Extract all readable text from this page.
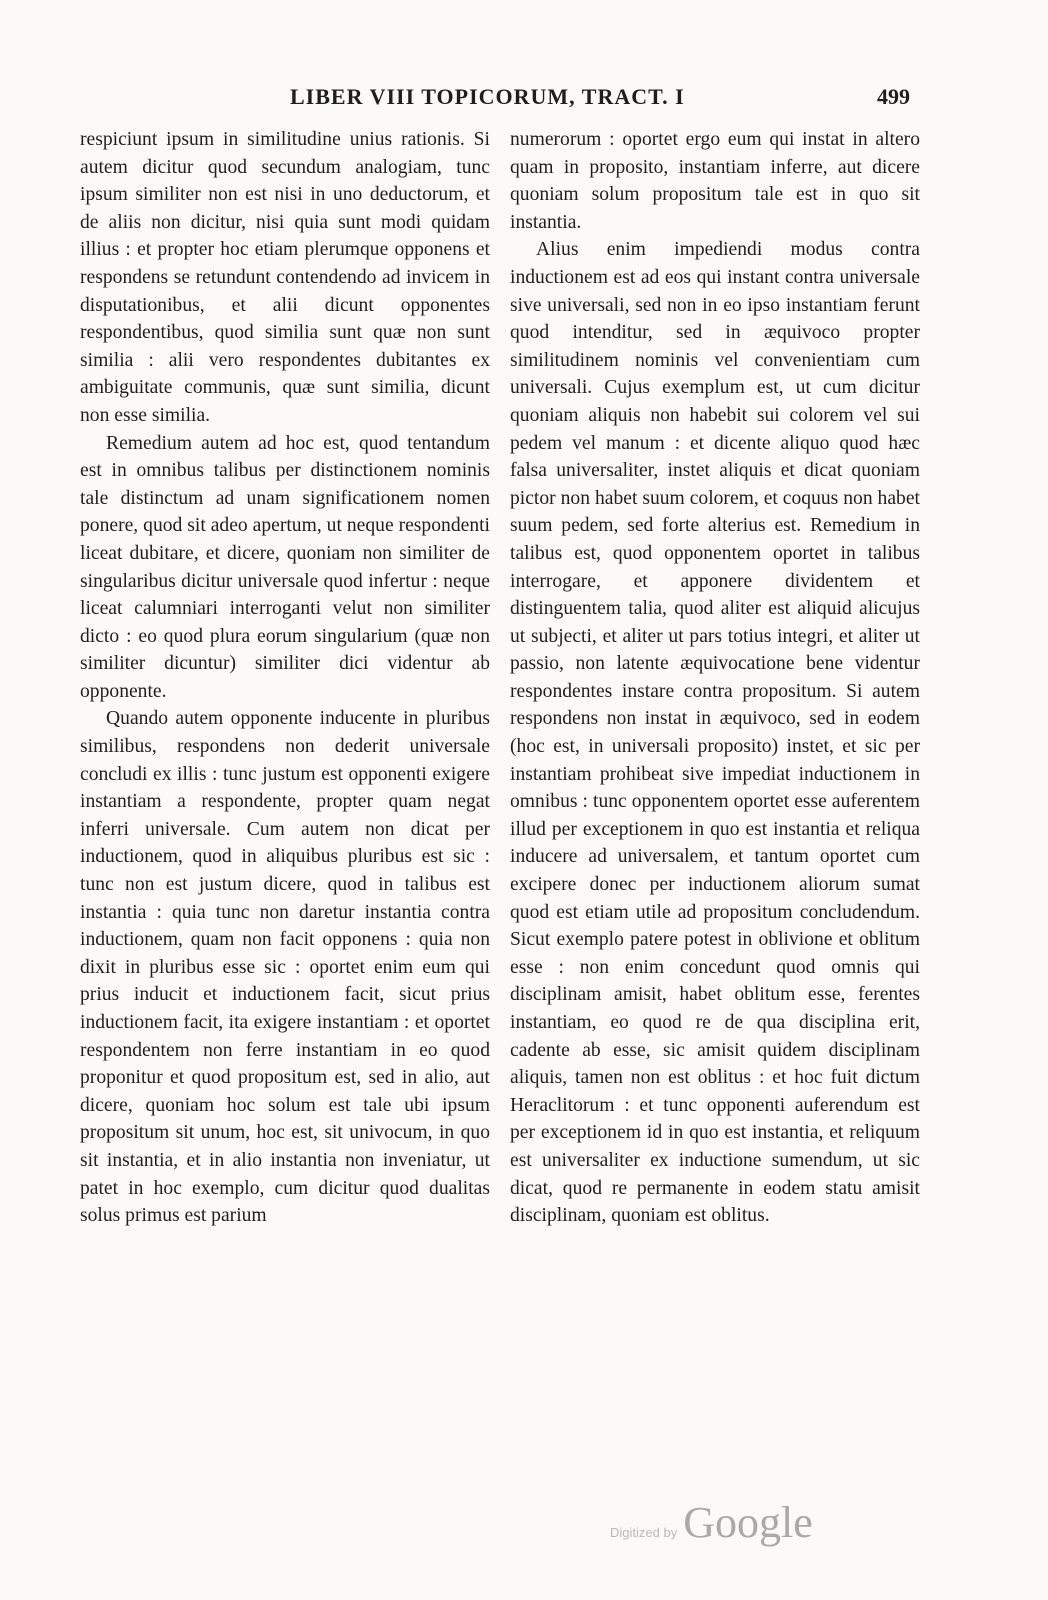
LIBER VIII TOPICORUM, TRACT. I	499

respiciunt ipsum in similitudine unius rationis. Si autem dicitur quod secundum analogiam, tunc ipsum similiter non est nisi in uno deductorum, et de aliis non dicitur, nisi quia sunt modi quidam illius : et propter hoc etiam plerumque opponens et respondens se retundunt contendendo ad invicem in disputationibus, et alii dicunt opponentes respondentibus, quod similia sunt quæ non sunt similia : alii vero respondentes dubitantes ex ambiguitate communis, quæ sunt similia, dicunt non esse similia.

Remedium autem ad hoc est, quod tentandum est in omnibus talibus per distinctionem nominis tale distinctum ad unam significationem nomen ponere, quod sit adeo apertum, ut neque respondenti liceat dubitare, et dicere, quoniam non similiter de singularibus dicitur universale quod infertur : neque liceat calumniari interroganti velut non similiter dicto : eo quod plura eorum singularium (quæ non similiter dicuntur) similiter dici videntur ab opponente.

Quando autem opponente inducente in pluribus similibus, respondens non dederit universale concludi ex illis : tunc justum est opponenti exigere instantiam a respondente, propter quam negat inferri universale. Cum autem non dicat per inductionem, quod in aliquibus pluribus est sic : tunc non est justum dicere, quod in talibus est instantia : quia tunc non daretur instantia contra inductionem, quam non facit opponens : quia non dixit in pluribus esse sic : oportet enim eum qui prius inducit et inductionem facit, sicut prius inductionem facit, ita exigere instantiam : et oportet respondentem non ferre instantiam in eo quod proponitur et quod propositum est, sed in alio, aut dicere, quoniam hoc solum est tale ubi ipsum propositum sit unum, hoc est, sit univocum, in quo sit instantia, et in alio instantia non inveniatur, ut patet in hoc exemplo, cum dicitur quod dualitas solus primus est parium

numerorum : oportet ergo eum qui instat in altero quam in proposito, instantiam inferre, aut dicere quoniam solum propositum tale est in quo sit instantia.

Alius enim impediendi modus contra inductionem est ad eos qui instant contra universale sive universali, sed non in eo ipso instantiam ferunt quod intenditur, sed in æquivoco propter similitudinem nominis vel convenientiam cum universali. Cujus exemplum est, ut cum dicitur quoniam aliquis non habebit sui colorem vel sui pedem vel manum : et dicente aliquo quod hæc falsa universaliter, instet aliquis et dicat quoniam pictor non habet suum colorem, et coquus non habet suum pedem, sed forte alterius est. Remedium in talibus est, quod opponentem oportet in talibus interrogare, et apponere dividentem et distinguentem talia, quod aliter est aliquid alicujus ut subjecti, et aliter ut pars totius integri, et aliter ut passio, non latente æquivocatione bene videntur respondentes instare contra propositum. Si autem respondens non instat in æquivoco, sed in eodem (hoc est, in universali proposito) instet, et sic per instantiam prohibeat sive impediat inductionem in omnibus : tunc opponentem oportet esse auferentem illud per exceptionem in quo est instantia et reliqua inducere ad universalem, et tantum oportet cum excipere donec per inductionem aliorum sumat quod est etiam utile ad propositum concludendum. Sicut exemplo patere potest in oblivione et oblitum esse : non enim concedunt quod omnis qui disciplinam amisit, habet oblitum esse, ferentes instantiam, eo quod re de qua disciplina erit, cadente ab esse, sic amisit quidem disciplinam aliquis, tamen non est oblitus : et hoc fuit dictum Heraclitorum : et tunc opponenti auferendum est per exceptionem id in quo est instantia, et reliquum est universaliter ex inductione sumendum, ut sic dicat, quod re permanente in eodem statu amisit disciplinam, quoniam est oblitus.

Digitized by Google
